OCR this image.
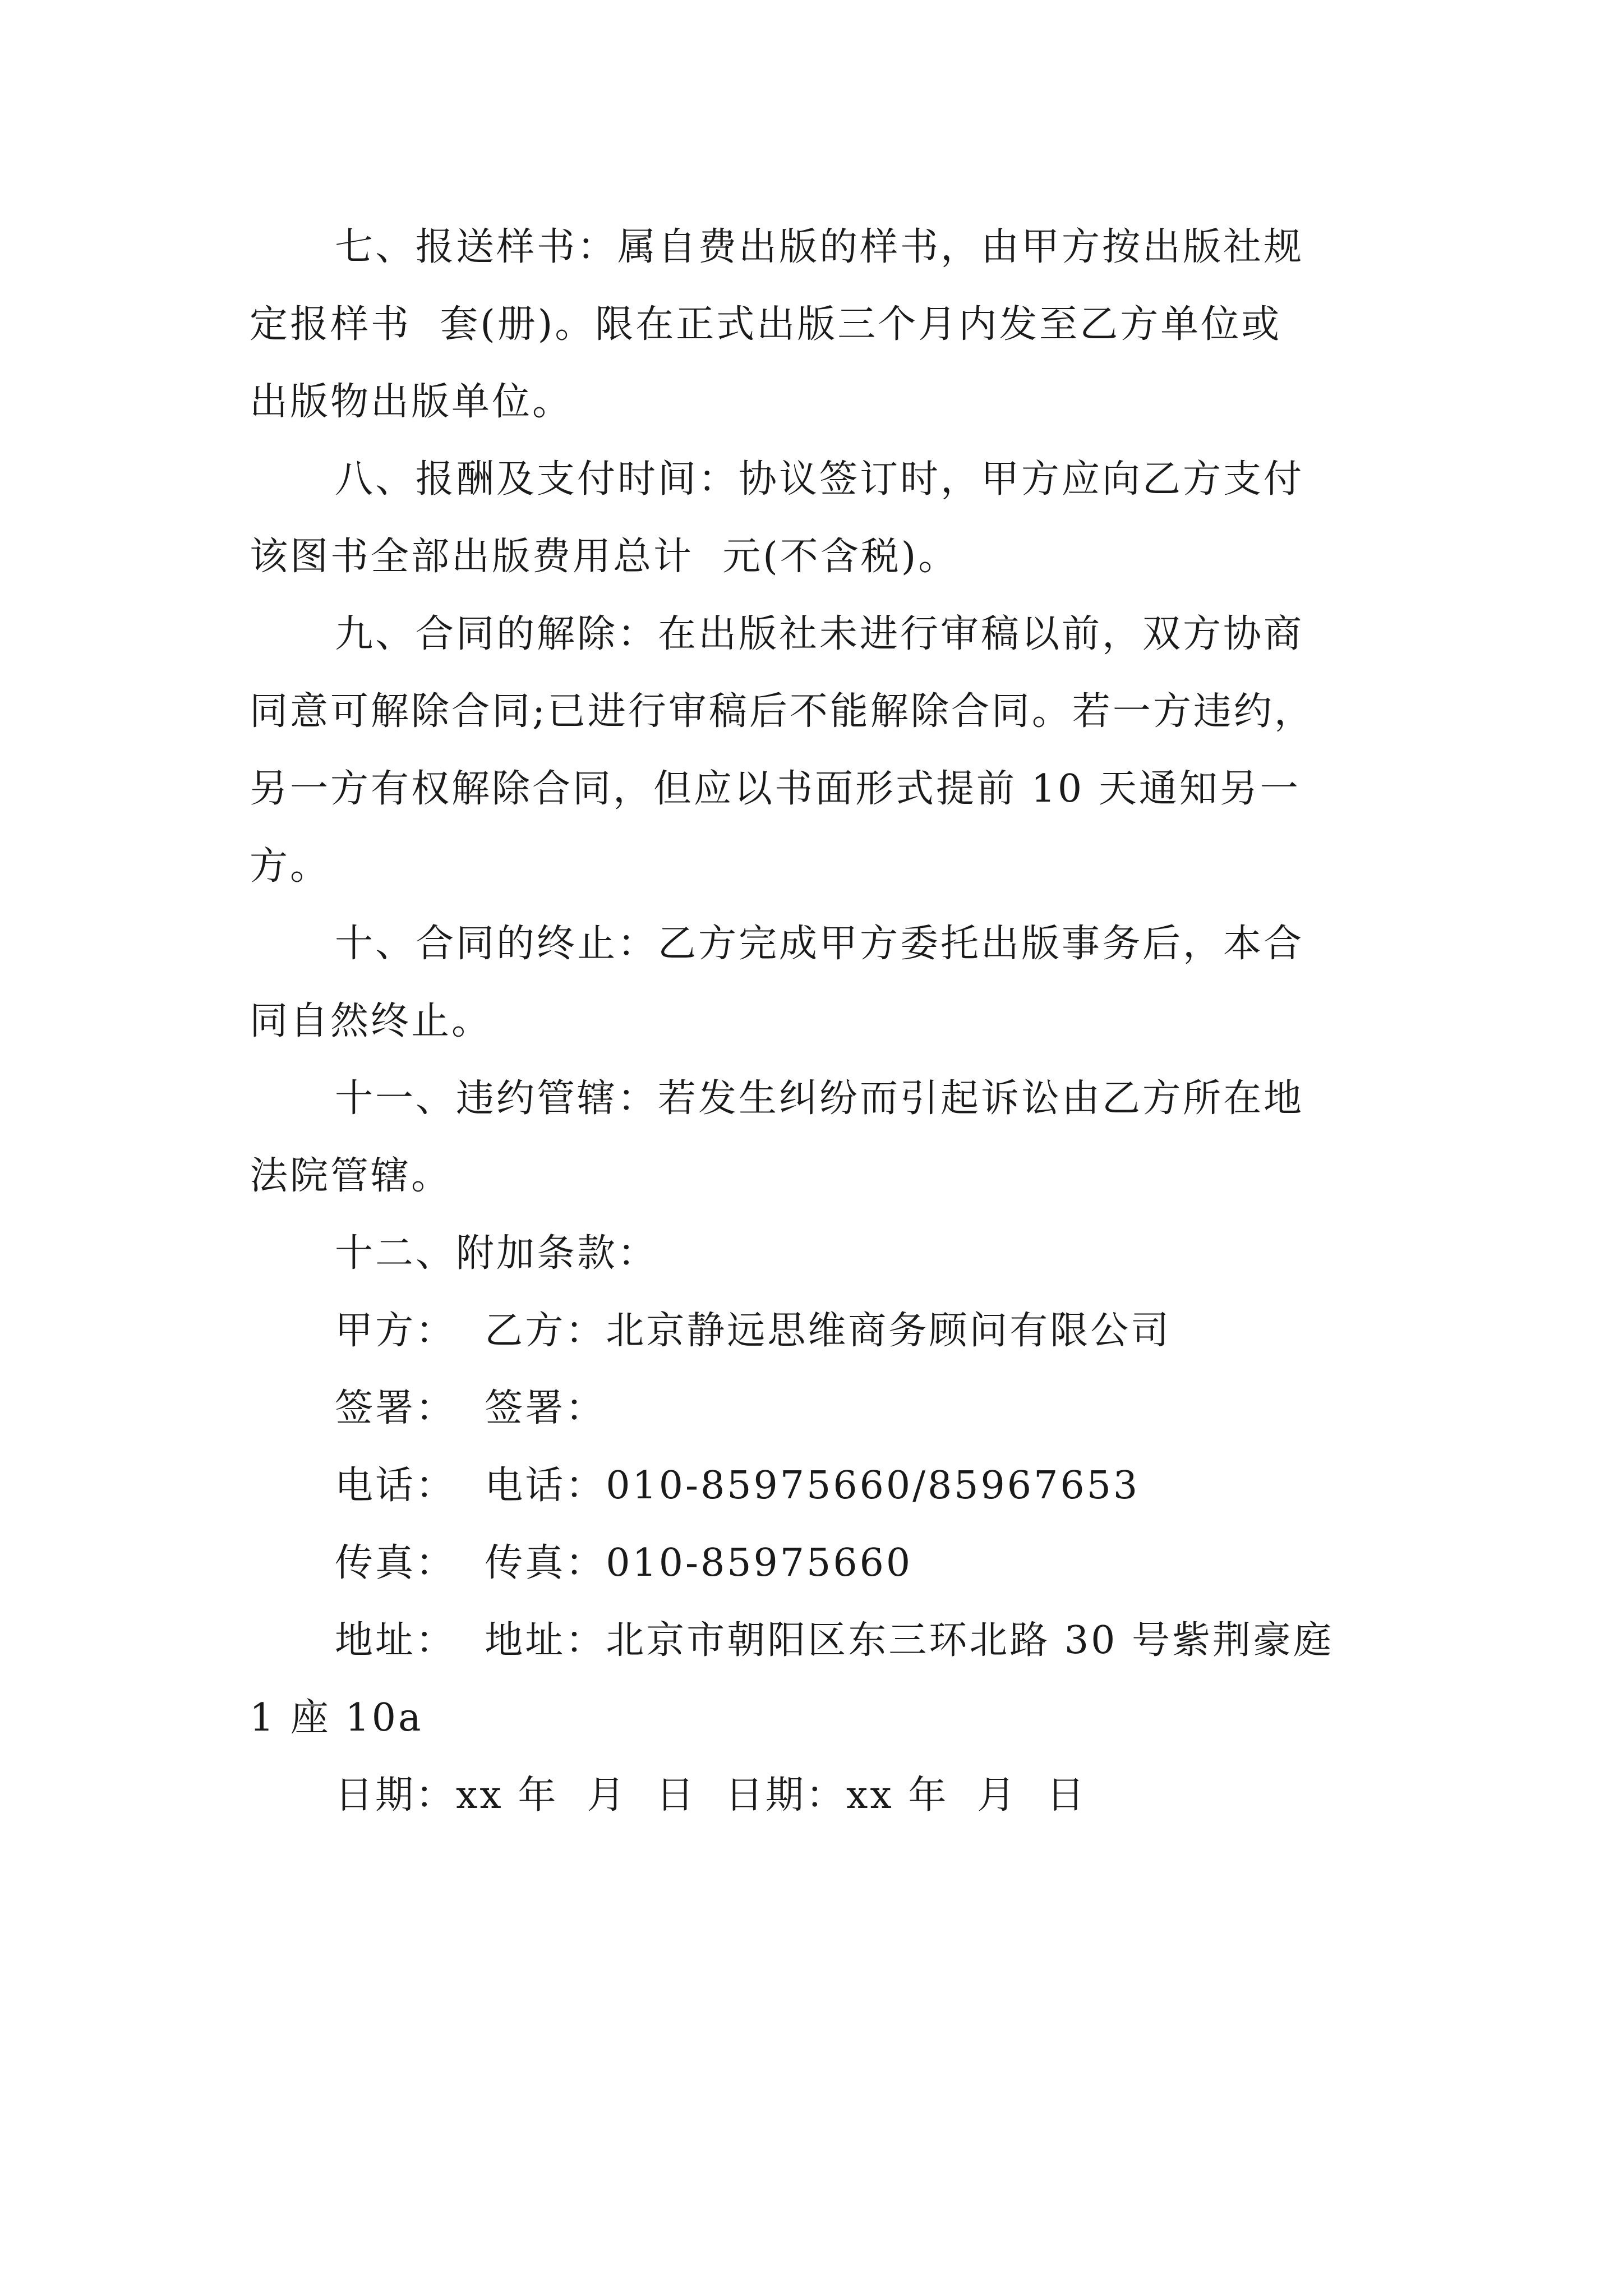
七、报送样书：属自费出版的样书，由甲方按出版社规
定报样书  套(册)。限在正式出版三个月内发至乙方单位或
出版物出版单位。
八、报酬及支付时间：协议签订时，甲方应向乙方支付
该图书全部出版费用总计  元(不含税)。
九、合同的解除：在出版社未进行审稿以前，双方协商
同意可解除合同;已进行审稿后不能解除合同。若一方违约，
另一方有权解除合同，但应以书面形式提前 10 天通知另一
方。
十、合同的终止：乙方完成甲方委托出版事务后，本合
同自然终止。
十一、违约管辖：若发生纠纷而引起诉讼由乙方所在地
法院管辖。
十二、附加条款：
甲方：  乙方：北京静远思维商务顾问有限公司
签署：  签署：
电话：  电话：010-85975660/85967653
传真：  传真：010-85975660
地址：  地址：北京市朝阳区东三环北路 30 号紫荆豪庭
1 座 10a
日期：xx 年  月  日  日期：xx 年  月  日
